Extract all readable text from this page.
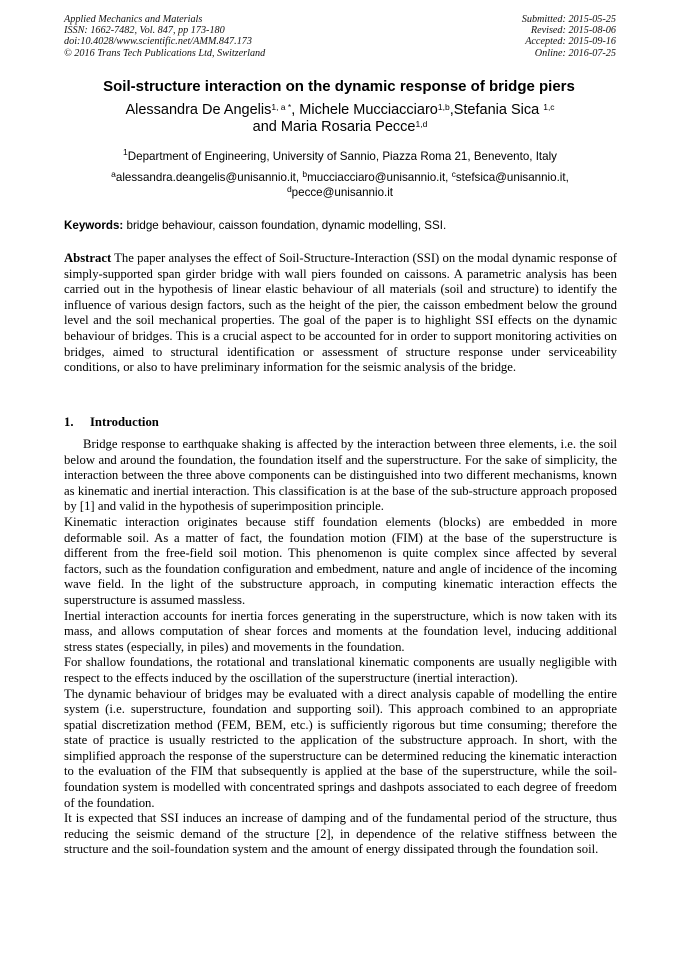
Applied Mechanics and Materials
ISSN: 1662-7482, Vol. 847, pp 173-180
doi:10.4028/www.scientific.net/AMM.847.173
© 2016 Trans Tech Publications Ltd, Switzerland
Submitted: 2015-05-25
Revised: 2015-08-06
Accepted: 2015-09-16
Online: 2016-07-25
Soil-structure interaction on the dynamic response of bridge piers
Alessandra De Angelis$^{1, a *}$, Michele Mucciacciaro$^{1,b}$,Stefania Sica $^{1,c}$
and Maria Rosaria Pecce$^{1,d}$
$^1$Department of Engineering, University of Sannio, Piazza Roma 21, Benevento, Italy
$^a$alessandra.deangelis@unisannio.it, $^b$mucciacciaro@unisannio.it, $^c$stefsica@unisannio.it,
$^d$pecce@unisannio.it
Keywords: bridge behaviour, caisson foundation, dynamic modelling, SSI.
Abstract The paper analyses the effect of Soil-Structure-Interaction (SSI) on the modal dynamic response of simply-supported span girder bridge with wall piers founded on caissons. A parametric analysis has been carried out in the hypothesis of linear elastic behaviour of all materials (soil and structure) to identify the influence of various design factors, such as the height of the pier, the caisson embedment below the ground level and the soil mechanical properties. The goal of the paper is to highlight SSI effects on the dynamic behaviour of bridges. This is a crucial aspect to be accounted for in order to support monitoring activities on bridges, aimed to structural identification or assessment of structure response under serviceability conditions, or also to have preliminary information for the seismic analysis of the bridge.
1. Introduction

Bridge response to earthquake shaking is affected by the interaction between three elements, i.e. the soil below and around the foundation, the foundation itself and the superstructure. For the sake of simplicity, the interaction between the three above components can be distinguished into two different mechanisms, known as kinematic and inertial interaction. This classification is at the base of the sub-structure approach proposed by [1] and valid in the hypothesis of superimposition principle.

Kinematic interaction originates because stiff foundation elements (blocks) are embedded in more deformable soil. As a matter of fact, the foundation motion (FIM) at the base of the superstructure is different from the free-field soil motion. This phenomenon is quite complex since affected by several factors, such as the foundation configuration and embedment, nature and angle of incidence of the incoming wave field. In the light of the substructure approach, in computing kinematic interaction effects the superstructure is assumed massless.

Inertial interaction accounts for inertia forces generating in the superstructure, which is now taken with its mass, and allows computation of shear forces and moments at the foundation level, inducing additional stress states (especially, in piles) and movements in the foundation.

For shallow foundations, the rotational and translational kinematic components are usually negligible with respect to the effects induced by the oscillation of the superstructure (inertial interaction).

The dynamic behaviour of bridges may be evaluated with a direct analysis capable of modelling the entire system (i.e. superstructure, foundation and supporting soil). This approach combined to an appropriate spatial discretization method (FEM, BEM, etc.) is sufficiently rigorous but time consuming; therefore the state of practice is usually restricted to the application of the substructure approach. In short, with the simplified approach the response of the superstructure can be determined reducing the kinematic interaction to the evaluation of the FIM that subsequently is applied at the base of the superstructure, while the soil-foundation system is modelled with concentrated springs and dashpots associated to each degree of freedom of the foundation.

It is expected that SSI induces an increase of damping and of the fundamental period of the structure, thus reducing the seismic demand of the structure [2], in dependence of the relative stiffness between the structure and the soil-foundation system and the amount of energy dissipated through the foundation soil.
